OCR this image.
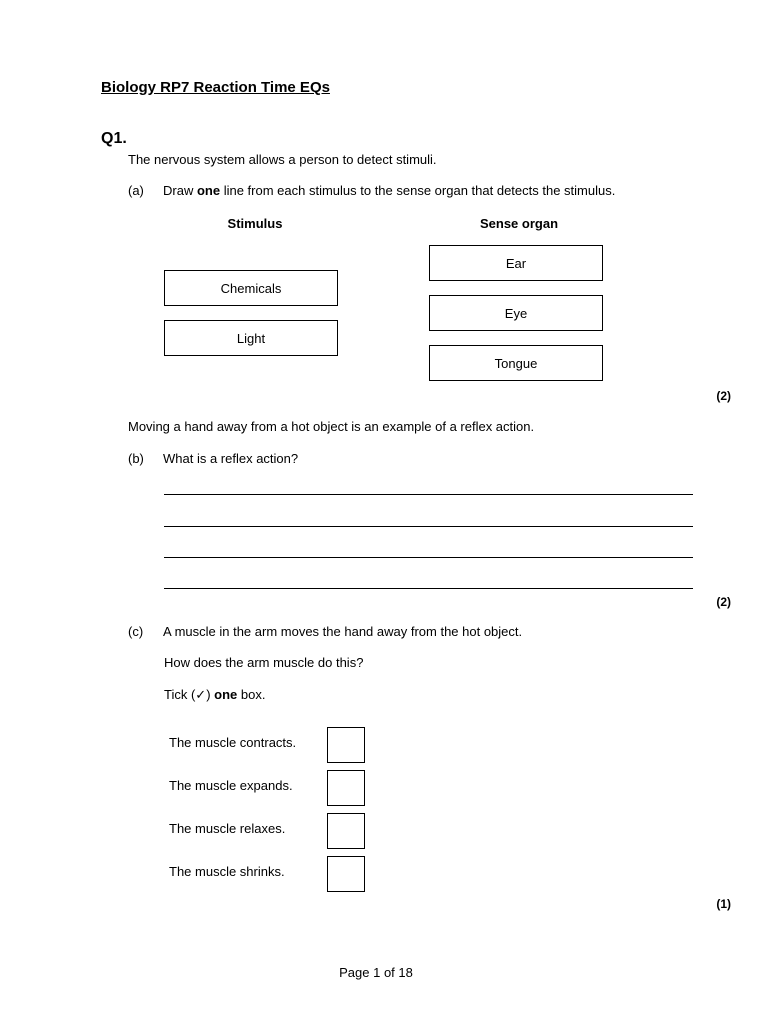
Biology RP7 Reaction Time EQs
Q1.
The nervous system allows a person to detect stimuli.
(a) Draw one line from each stimulus to the sense organ that detects the stimulus.
Stimulus	Sense organ
Chemicals
Light
Ear
Eye
Tongue
(2)
Moving a hand away from a hot object is an example of a reflex action.
(b) What is a reflex action?
(2)
(c) A muscle in the arm moves the hand away from the hot object.
How does the arm muscle do this?
Tick (✓) one box.
The muscle contracts.
The muscle expands.
The muscle relaxes.
The muscle shrinks.
(1)
Page 1 of 18
